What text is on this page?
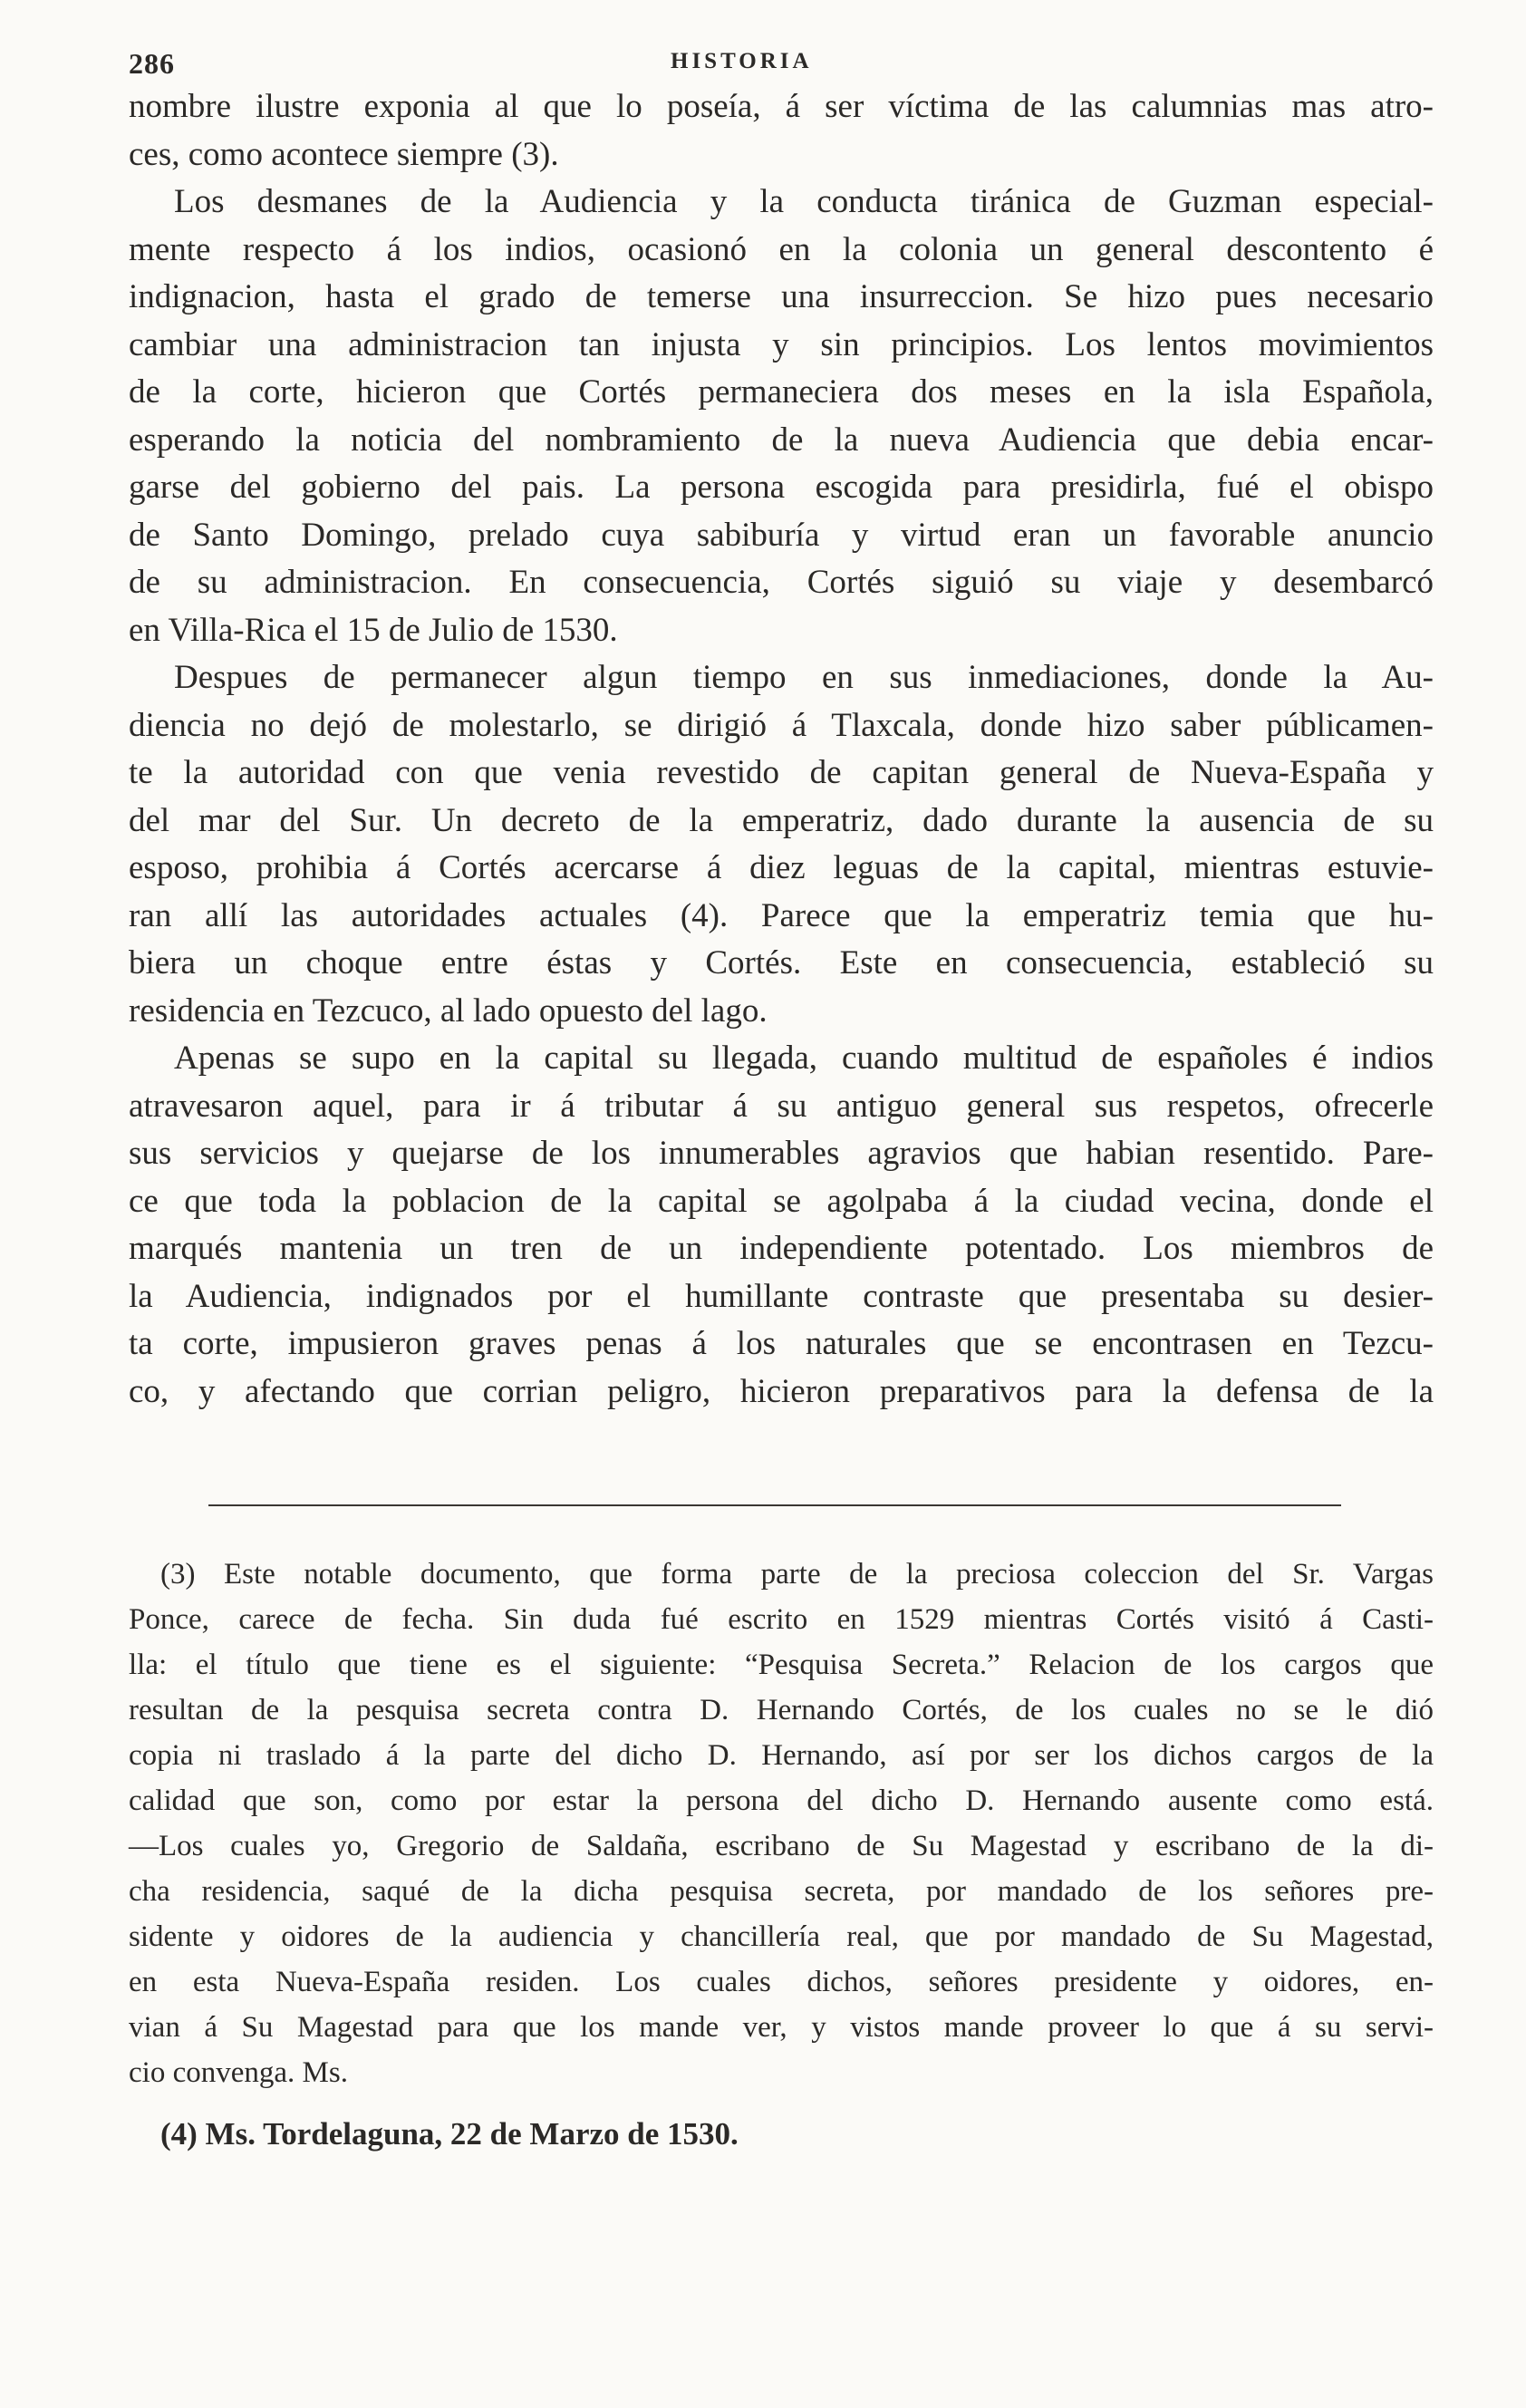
286	HISTORIA
nombre ilustre exponia al que lo poseía, á ser víctima de las calumnias mas atro-
ces, como acontece siempre (3).
Los desmanes de la Audiencia y la conducta tiránica de Guzman especial-
mente respecto á los indios, ocasionó en la colonia un general descontento é
indignacion, hasta el grado de temerse una insurreccion. Se hizo pues necesario
cambiar una administracion tan injusta y sin principios. Los lentos movimientos
de la corte, hicieron que Cortés permaneciera dos meses en la isla Española,
esperando la noticia del nombramiento de la nueva Audiencia que debia encar-
garse del gobierno del pais. La persona escogida para presidirla, fué el obispo
de Santo Domingo, prelado cuya sabiburía y virtud eran un favorable anuncio
de su administracion. En consecuencia, Cortés siguió su viaje y desembarcó
en Villa-Rica el 15 de Julio de 1530.
Despues de permanecer algun tiempo en sus inmediaciones, donde la Au-
diencia no dejó de molestarlo, se dirigió á Tlaxcala, donde hizo saber públicamen-
te la autoridad con que venia revestido de capitan general de Nueva-España y
del mar del Sur. Un decreto de la emperatriz, dado durante la ausencia de su
esposo, prohibia á Cortés acercarse á diez leguas de la capital, mientras estuvie-
ran allí las autoridades actuales (4). Parece que la emperatriz temia que hu-
biera un choque entre éstas y Cortés. Este en consecuencia, estableció su
residencia en Tezcuco, al lado opuesto del lago.
Apenas se supo en la capital su llegada, cuando multitud de españoles é indios
atravesaron aquel, para ir á tributar á su antiguo general sus respetos, ofrecerle
sus servicios y quejarse de los innumerables agravios que habian resentido. Pare-
ce que toda la poblacion de la capital se agolpaba á la ciudad vecina, donde el
marqués mantenia un tren de un independiente potentado. Los miembros de
la Audiencia, indignados por el humillante contraste que presentaba su desier-
ta corte, impusieron graves penas á los naturales que se encontrasen en Tezcu-
co, y afectando que corrian peligro, hicieron preparativos para la defensa de la
(3) Este notable documento, que forma parte de la preciosa coleccion del Sr. Vargas
Ponce, carece de fecha. Sin duda fué escrito en 1529 mientras Cortés visitó á Casti-
lla: el título que tiene es el siguiente: “Pesquisa Secreta.” Relacion de los cargos que
resultan de la pesquisa secreta contra D. Hernando Cortés, de los cuales no se le dió
copia ni traslado á la parte del dicho D. Hernando, así por ser los dichos cargos de la
calidad que son, como por estar la persona del dicho D. Hernando ausente como está.
—Los cuales yo, Gregorio de Saldaña, escribano de Su Magestad y escribano de la di-
cha residencia, saqué de la dicha pesquisa secreta, por mandado de los señores pre-
sidente y oidores de la audiencia y chancillería real, que por mandado de Su Magestad,
en esta Nueva-España residen. Los cuales dichos, señores presidente y oidores, en-
vian á Su Magestad para que los mande ver, y vistos mande proveer lo que á su servi-
cio convenga. Ms.
(4) Ms. Tordelaguna, 22 de Marzo de 1530.
